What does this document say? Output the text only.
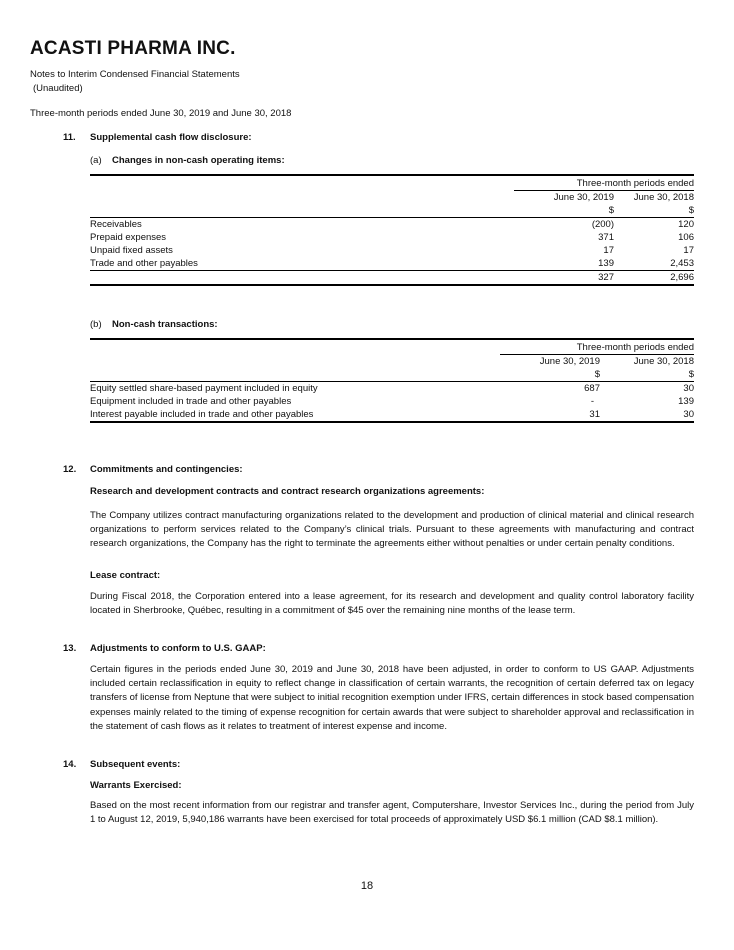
ACASTI PHARMA INC.
Notes to Interim Condensed Financial Statements
(Unaudited)
Three-month periods ended June 30, 2019 and June 30, 2018
11. Supplemental cash flow disclosure:
(a) Changes in non-cash operating items:
	Three-month periods ended	
	June 30, 2019	June 30, 2018
	$	$
Receivables	(200)	120
Prepaid expenses	371	106
Unpaid fixed assets	17	17
Trade and other payables	139	2,453
	327	2,696
(b) Non-cash transactions:
	Three-month periods ended	
	June 30, 2019	June 30, 2018
	$	$
Equity settled share-based payment included in equity	687	30
Equipment included in trade and other payables	-	139
Interest payable included in trade and other payables	31	30
12. Commitments and contingencies:
Research and development contracts and contract research organizations agreements:
The Company utilizes contract manufacturing organizations related to the development and production of clinical material and clinical research organizations to perform services related to the Company’s clinical trials. Pursuant to these agreements with manufacturing and contract research organizations, the Company has the right to terminate the agreements either without penalties or under certain penalty conditions.
Lease contract:
During Fiscal 2018, the Corporation entered into a lease agreement, for its research and development and quality control laboratory facility located in Sherbrooke, Québec, resulting in a commitment of $45 over the remaining nine months of the lease term.
13. Adjustments to conform to U.S. GAAP:
Certain figures in the periods ended June 30, 2019 and June 30, 2018 have been adjusted, in order to conform to US GAAP. Adjustments included certain reclassification in equity to reflect change in classification of certain warrants, the recognition of certain deferred tax on legacy transfers of license from Neptune that were subject to initial recognition exemption under IFRS, certain differences in stock based compensation expenses mainly related to the timing of expense recognition for certain awards that were subject to shareholder approval and reclassification in the statement of cash flows as it relates to treatment of interest expense and income.
14. Subsequent events:
Warrants Exercised:
Based on the most recent information from our registrar and transfer agent, Computershare, Investor Services Inc., during the period from July 1 to August 12, 2019, 5,940,186 warrants have been exercised for total proceeds of approximately USD $6.1 million (CAD $8.1 million).
18
